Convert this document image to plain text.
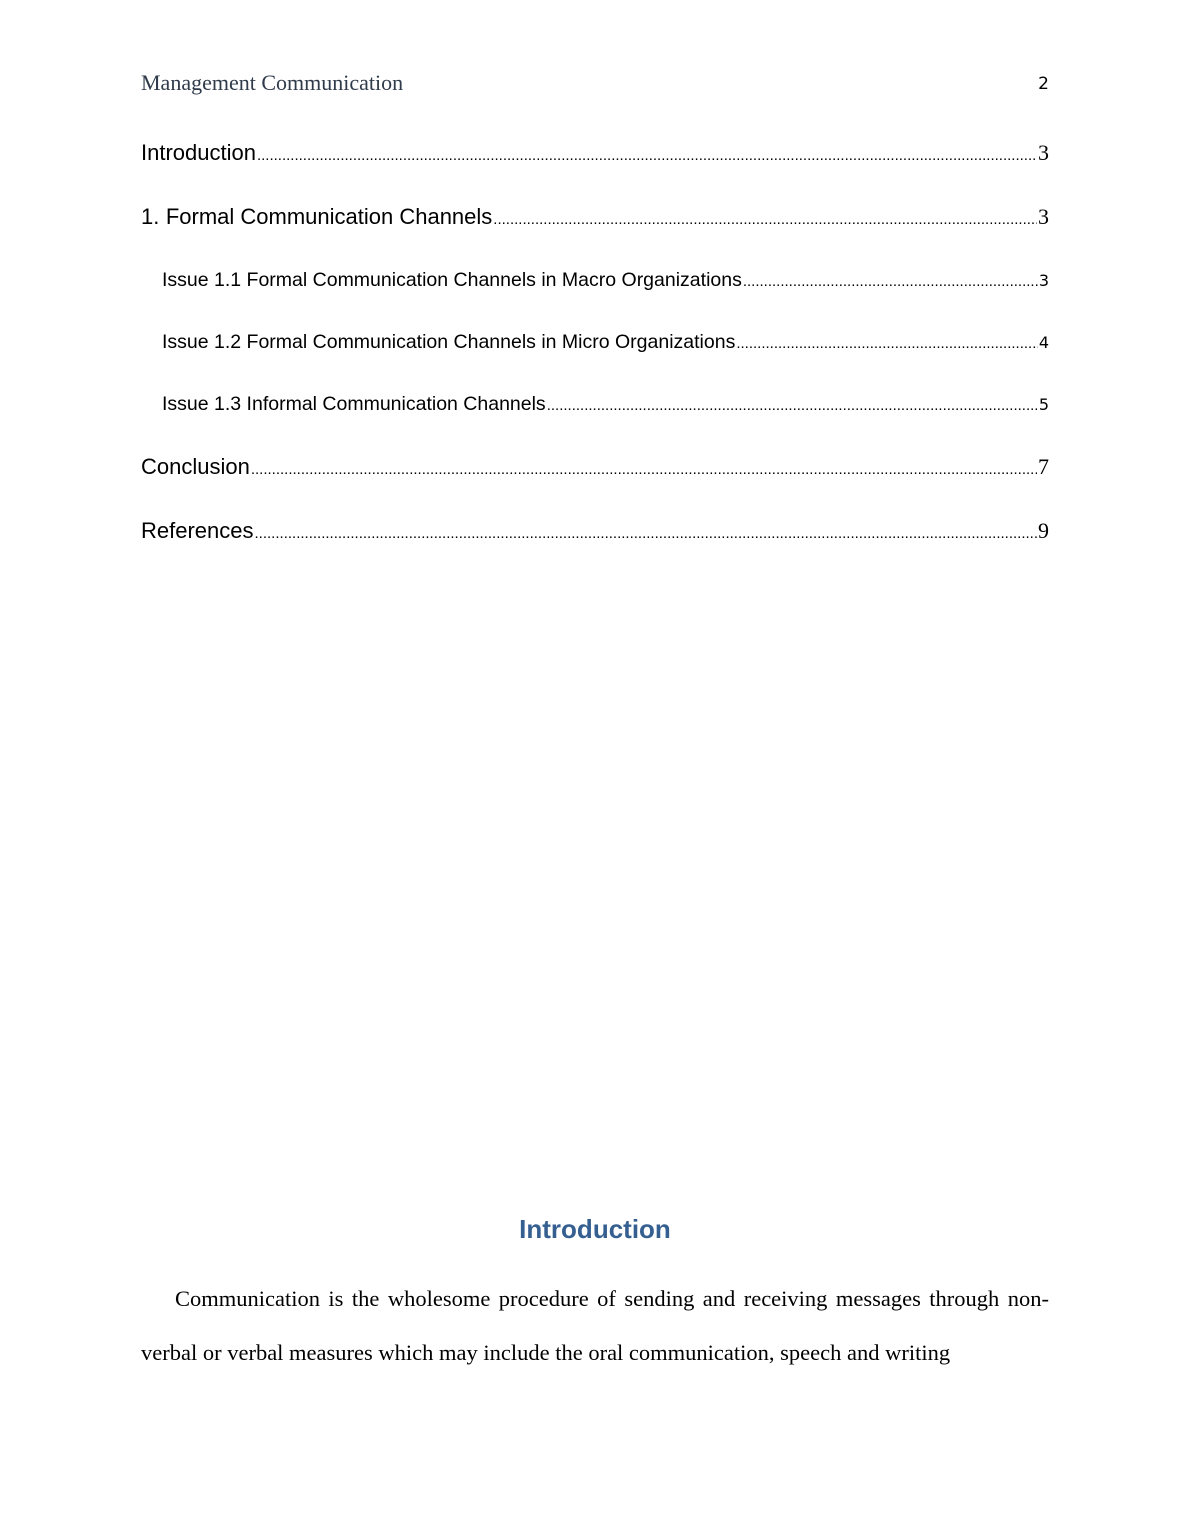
Management Communication	2
Introduction .....	3
1. Formal Communication Channels .....	3
Issue 1.1 Formal Communication Channels in Macro Organizations .....	3
Issue 1.2 Formal Communication Channels in Micro Organizations .....	4
Issue 1.3 Informal Communication Channels .....	5
Conclusion .....	7
References .....	9
Introduction

Communication is the wholesome procedure of sending and receiving messages through non-verbal or verbal measures which may include the oral communication, speech and writing
